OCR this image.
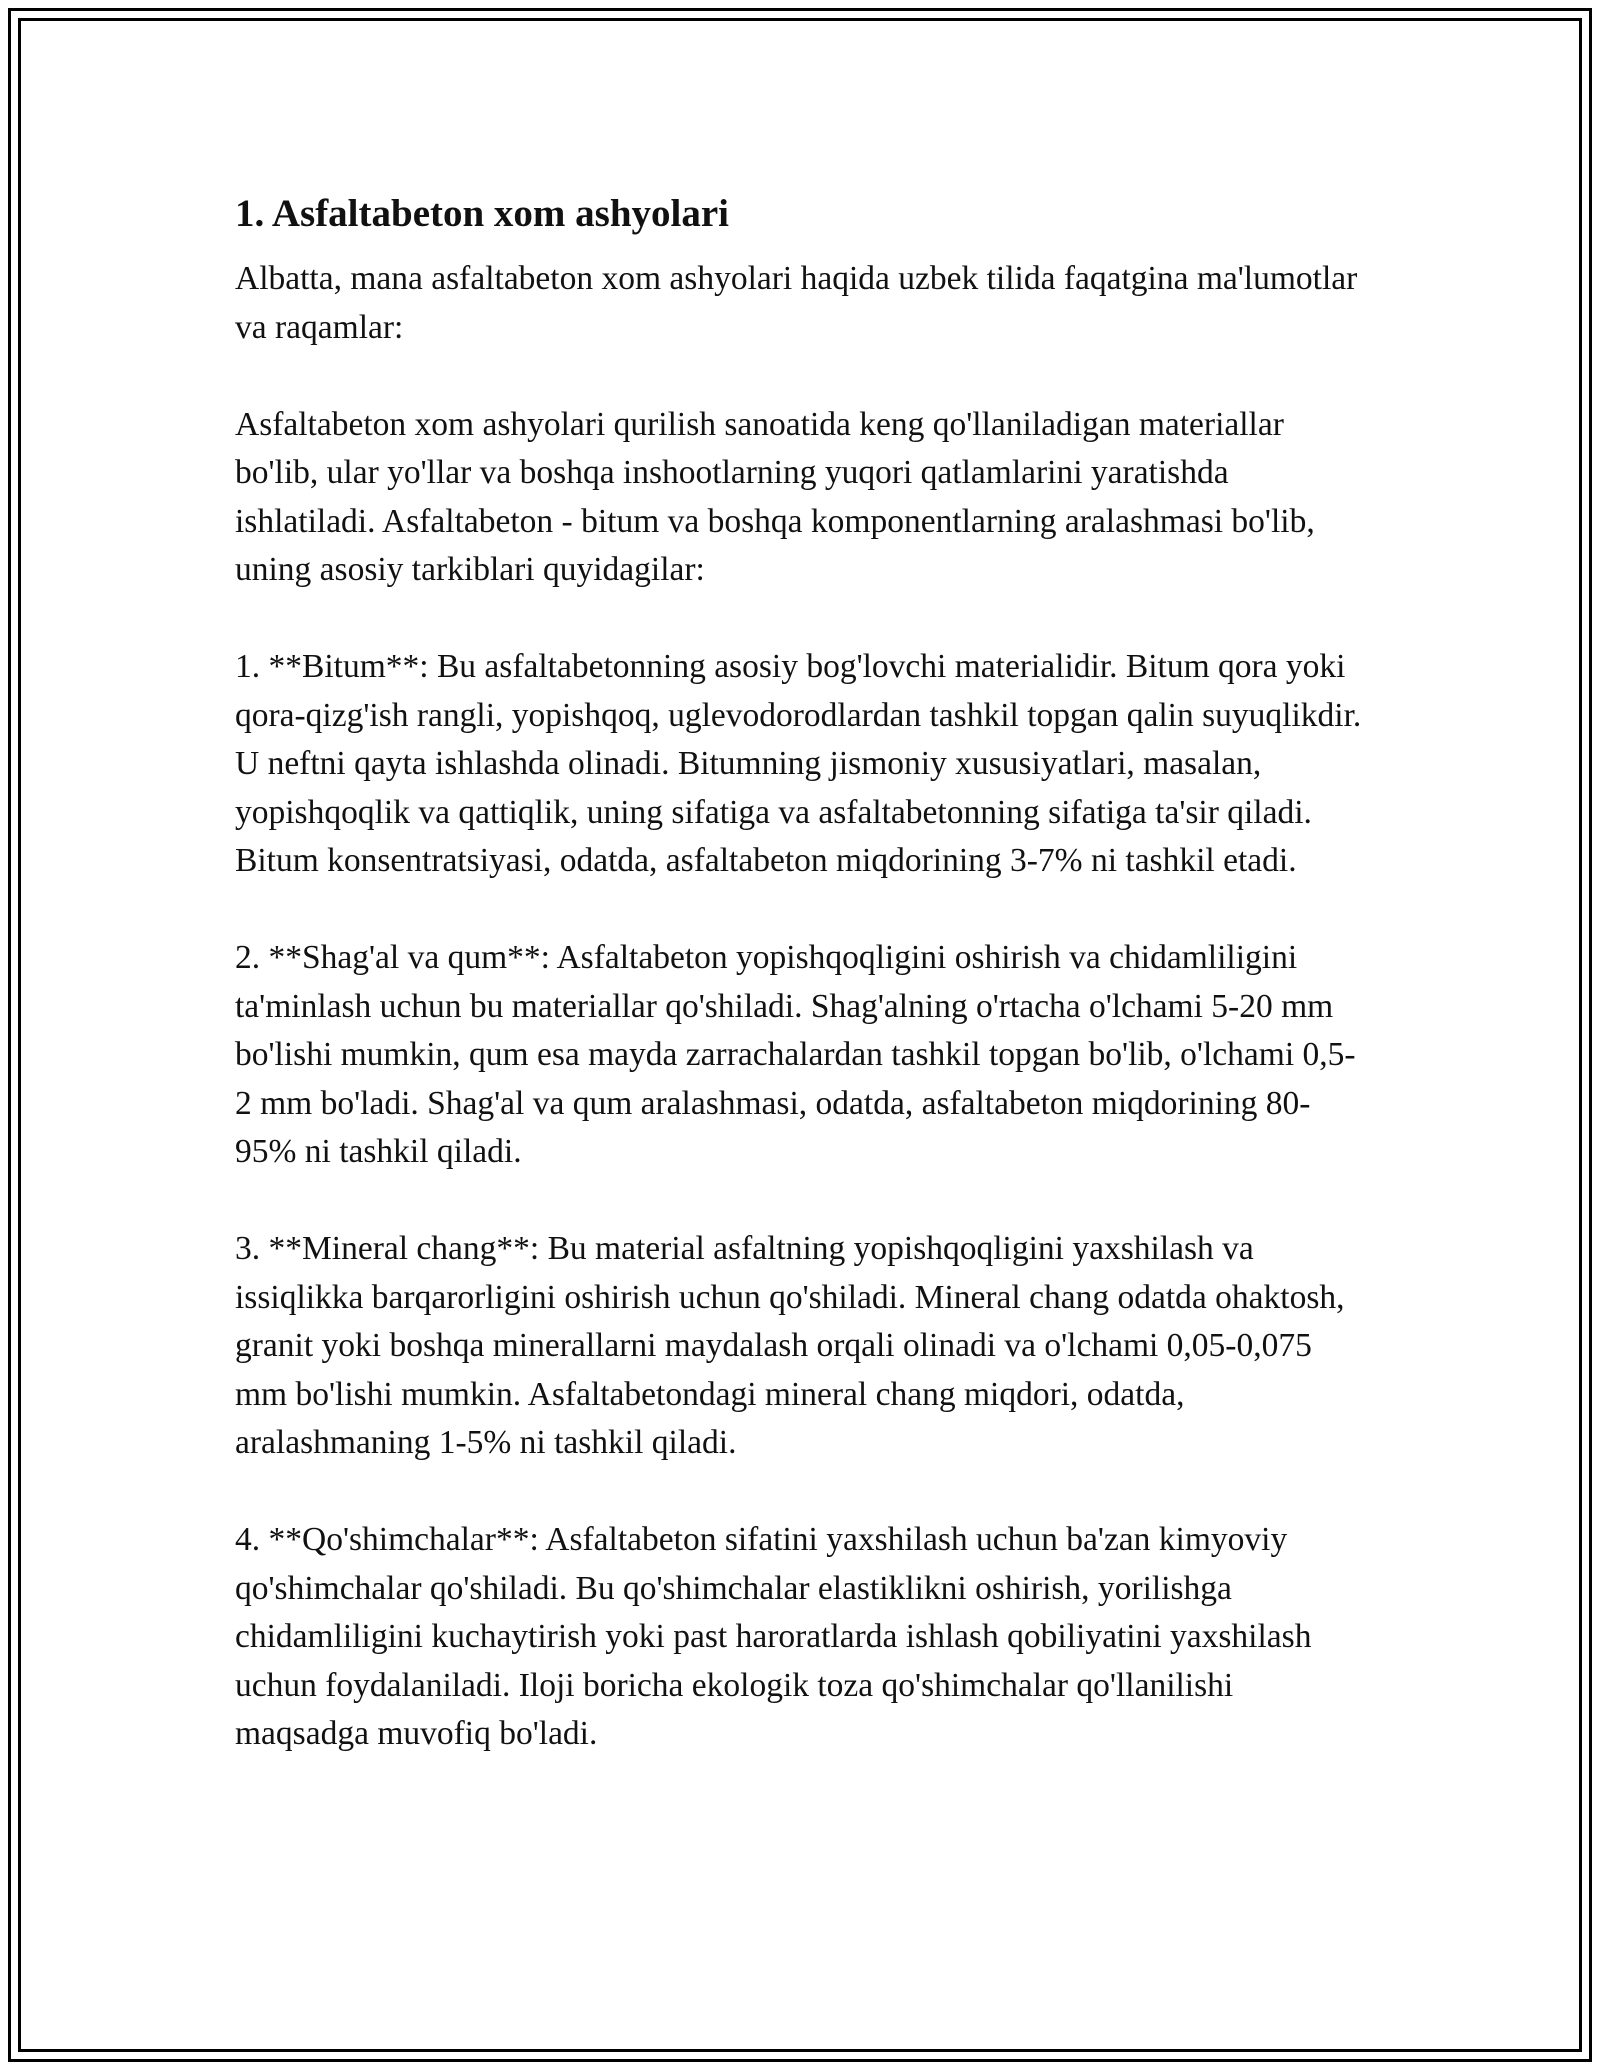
1. Asfaltabeton xom ashyolari

Albatta, mana asfaltabeton xom ashyolari haqida uzbek tilida faqatgina ma'lumotlar va raqamlar:

Asfaltabeton xom ashyolari qurilish sanoatida keng qo'llaniladigan materiallar bo'lib, ular yo'llar va boshqa inshootlarning yuqori qatlamlarini yaratishda ishlatiladi. Asfaltabeton - bitum va boshqa komponentlarning aralashmasi bo'lib, uning asosiy tarkiblari quyidagilar:

1. **Bitum**: Bu asfaltabetonning asosiy bog'lovchi materialidir. Bitum qora yoki qora-qizg'ish rangli, yopishqoq, uglevodorodlardan tashkil topgan qalin suyuqlikdir. U neftni qayta ishlashda olinadi. Bitumning jismoniy xususiyatlari, masalan, yopishqoqlik va qattiqlik, uning sifatiga va asfaltabetonning sifatiga ta'sir qiladi. Bitum konsentratsiyasi, odatda, asfaltabeton miqdorining 3-7% ni tashkil etadi.

2. **Shag'al va qum**: Asfaltabeton yopishqoqligini oshirish va chidamliligini ta'minlash uchun bu materiallar qo'shiladi. Shag'alning o'rtacha o'lchami 5-20 mm bo'lishi mumkin, qum esa mayda zarrachalardan tashkil topgan bo'lib, o'lchami 0,5-2 mm bo'ladi. Shag'al va qum aralashmasi, odatda, asfaltabeton miqdorining 80-95% ni tashkil qiladi.

3. **Mineral chang**: Bu material asfaltning yopishqoqligini yaxshilash va issiqlikka barqarorligini oshirish uchun qo'shiladi. Mineral chang odatda ohaktosh, granit yoki boshqa minerallarni maydalash orqali olinadi va o'lchami 0,05-0,075 mm bo'lishi mumkin. Asfaltabetondagi mineral chang miqdori, odatda, aralashmaning 1-5% ni tashkil qiladi.

4. **Qo'shimchalar**: Asfaltabeton sifatini yaxshilash uchun ba'zan kimyoviy qo'shimchalar qo'shiladi. Bu qo'shimchalar elastiklikni oshirish, yorilishga chidamliligini kuchaytirish yoki past haroratlarda ishlash qobiliyatini yaxshilash uchun foydalaniladi. Iloji boricha ekologik toza qo'shimchalar qo'llanilishi maqsadga muvofiq bo'ladi.
